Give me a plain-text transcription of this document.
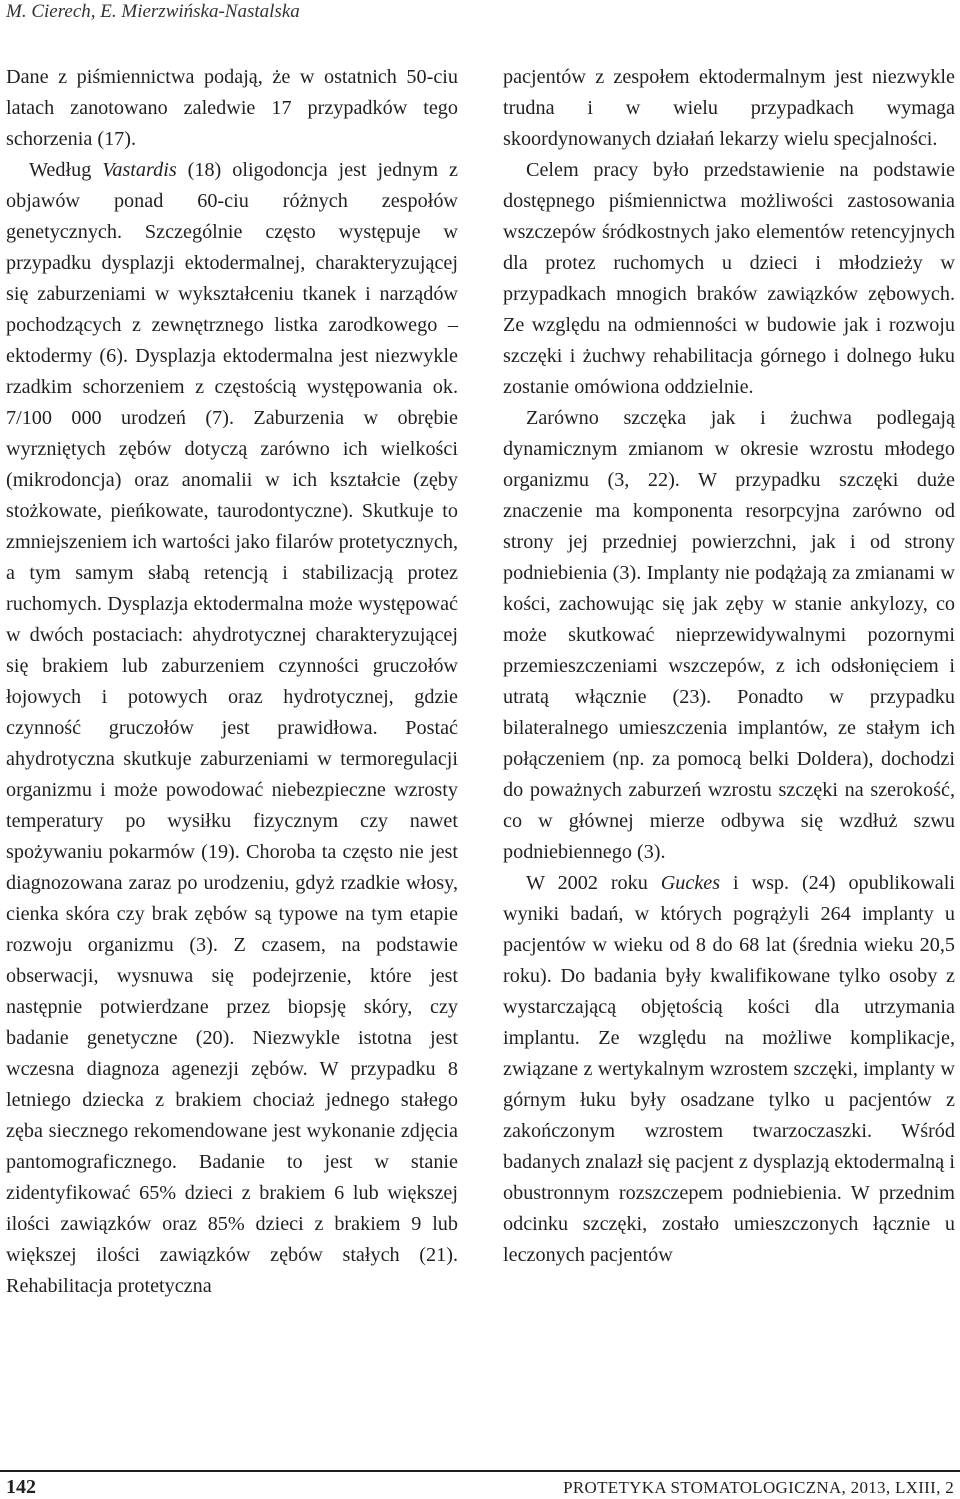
M. Cierech, E. Mierzwińska-Nastalska

Dane z piśmiennictwa podają, że w ostatnich 50-ciu latach zanotowano zaledwie 17 przypadków tego schorzenia (17).

Według Vastardis (18) oligodoncja jest jednym z objawów ponad 60-ciu różnych zespołów genetycznych. Szczególnie często występuje w przypadku dysplazji ektodermalnej, charakteryzującej się zaburzeniami w wykształceniu tkanek i narządów pochodzących z zewnętrznego listka zarodkowego – ektodermy (6). Dysplazja ektodermalna jest niezwykle rzadkim schorzeniem z częstością występowania ok. 7/100 000 urodzeń (7). Zaburzenia w obrębie wyrzniętych zębów dotyczą zarówno ich wielkości (mikrodoncja) oraz anomalii w ich kształcie (zęby stożkowate, pieńkowate, taurodontyczne). Skutkuje to zmniejszeniem ich wartości jako filarów protetycznych, a tym samym słabą retencją i stabilizacją protez ruchomych. Dysplazja ektodermalna może występować w dwóch postaciach: ahydrotycznej charakteryzującej się brakiem lub zaburzeniem czynności gruczołów łojowych i potowych oraz hydrotycznej, gdzie czynność gruczołów jest prawidłowa. Postać ahydrotyczna skutkuje zaburzeniami w termoregulacji organizmu i może powodować niebezpieczne wzrosty temperatury po wysiłku fizycznym czy nawet spożywaniu pokarmów (19). Choroba ta często nie jest diagnozowana zaraz po urodzeniu, gdyż rzadkie włosy, cienka skóra czy brak zębów są typowe na tym etapie rozwoju organizmu (3). Z czasem, na podstawie obserwacji, wysnuwa się podejrzenie, które jest następnie potwierdzane przez biopsję skóry, czy badanie genetyczne (20). Niezwykle istotna jest wczesna diagnoza agenezji zębów. W przypadku 8 letniego dziecka z brakiem chociaż jednego stałego zęba siecznego rekomendowane jest wykonanie zdjęcia pantomograficznego. Badanie to jest w stanie zidentyfikować 65% dzieci z brakiem 6 lub większej ilości zawiązków oraz 85% dzieci z brakiem 9 lub większej ilości zawiązków zębów stałych (21). Rehabilitacja protetyczna

pacjentów z zespołem ektodermalnym jest niezwykle trudna i w wielu przypadkach wymaga skoordynowanych działań lekarzy wielu specjalności.

Celem pracy było przedstawienie na podstawie dostępnego piśmiennictwa możliwości zastosowania wszczepów śródkostnych jako elementów retencyjnych dla protez ruchomych u dzieci i młodzieży w przypadkach mnogich braków zawiązków zębowych. Ze względu na odmienności w budowie jak i rozwoju szczęki i żuchwy rehabilitacja górnego i dolnego łuku zostanie omówiona oddzielnie.

Zarówno szczęka jak i żuchwa podlegają dynamicznym zmianom w okresie wzrostu młodego organizmu (3, 22). W przypadku szczęki duże znaczenie ma komponenta resorpcyjna zarówno od strony jej przedniej powierzchni, jak i od strony podniebienia (3). Implanty nie podążają za zmianami w kości, zachowując się jak zęby w stanie ankylozy, co może skutkować nieprzewidywalnymi pozornymi przemieszczeniami wszczepów, z ich odsłonięciem i utratą włącznie (23). Ponadto w przypadku bilateralnego umieszczenia implantów, ze stałym ich połączeniem (np. za pomocą belki Doldera), dochodzi do poważnych zaburzeń wzrostu szczęki na szerokość, co w głównej mierze odbywa się wzdłuż szwu podniebiennego (3).

W 2002 roku Guckes i wsp. (24) opublikowali wyniki badań, w których pogrążyli 264 implanty u pacjentów w wieku od 8 do 68 lat (średnia wieku 20,5 roku). Do badania były kwalifikowane tylko osoby z wystarczającą objętością kości dla utrzymania implantu. Ze względu na możliwe komplikacje, związane z wertykalnym wzrostem szczęki, implanty w górnym łuku były osadzane tylko u pacjentów z zakończonym wzrostem twarzoczaszki. Wśród badanych znalazł się pacjent z dysplazją ektodermalną i obustronnym rozszczepem podniebienia. W przednim odcinku szczęki, zostało umieszczonych łącznie u leczonych pacjentów

142	PROTETYKA STOMATOLOGICZNA, 2013, LXIII, 2
